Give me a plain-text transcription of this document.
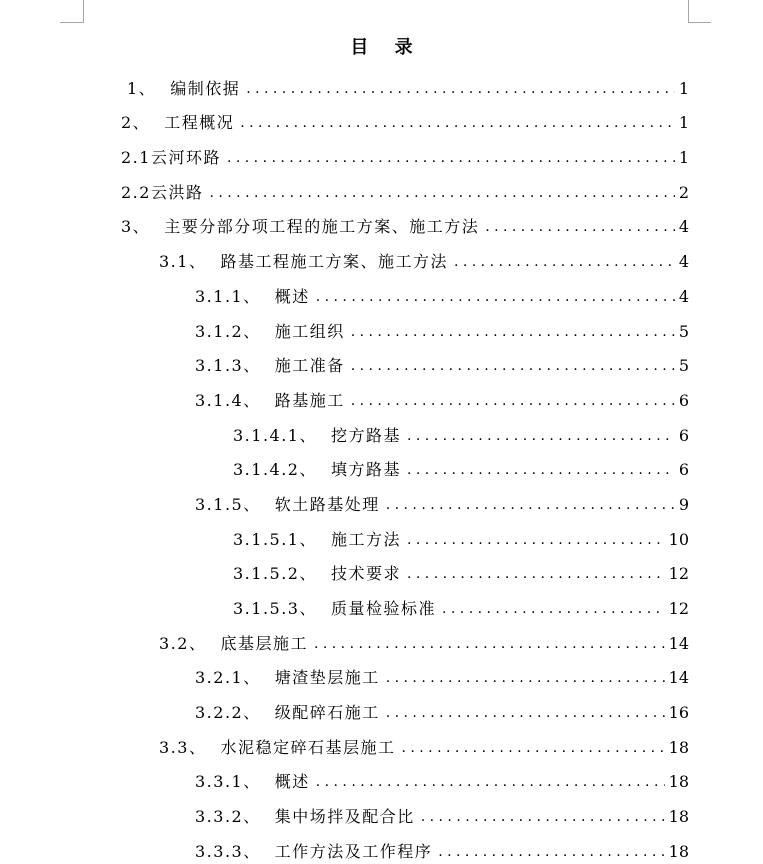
目 录
1、 编制依据 . . .	1
2、 工程概况 . . .	1
2.1 云河环路 . . .	1
2.2 云洪路 . . .	2
3、 主要分部分项工程的施工方案、施工方法 . . .	4
3.1、 路基工程施工方案、施工方法 . . .	4
3.1.1、 概述 . . .	4
3.1.2、 施工组织 . . .	5
3.1.3、 施工准备 . . .	5
3.1.4、 路基施工 . . .	6
3.1.4.1、 挖方路基 . . .	6
3.1.4.2、 填方路基 . . .	6
3.1.5、 软土路基处理 . . .	9
3.1.5.1、 施工方法 . . .	10
3.1.5.2、 技术要求 . . .	12
3.1.5.3、 质量检验标准 . . .	12
3.2、 底基层施工 . . .	14
3.2.1、 塘渣垫层施工 . . .	14
3.2.2、 级配碎石施工 . . .	16
3.3、 水泥稳定碎石基层施工 . . .	18
3.3.1、 概述 . . .	18
3.3.2、 集中场拌及配合比 . . .	18
3.3.3、 工作方法及工作程序 . . .	18
